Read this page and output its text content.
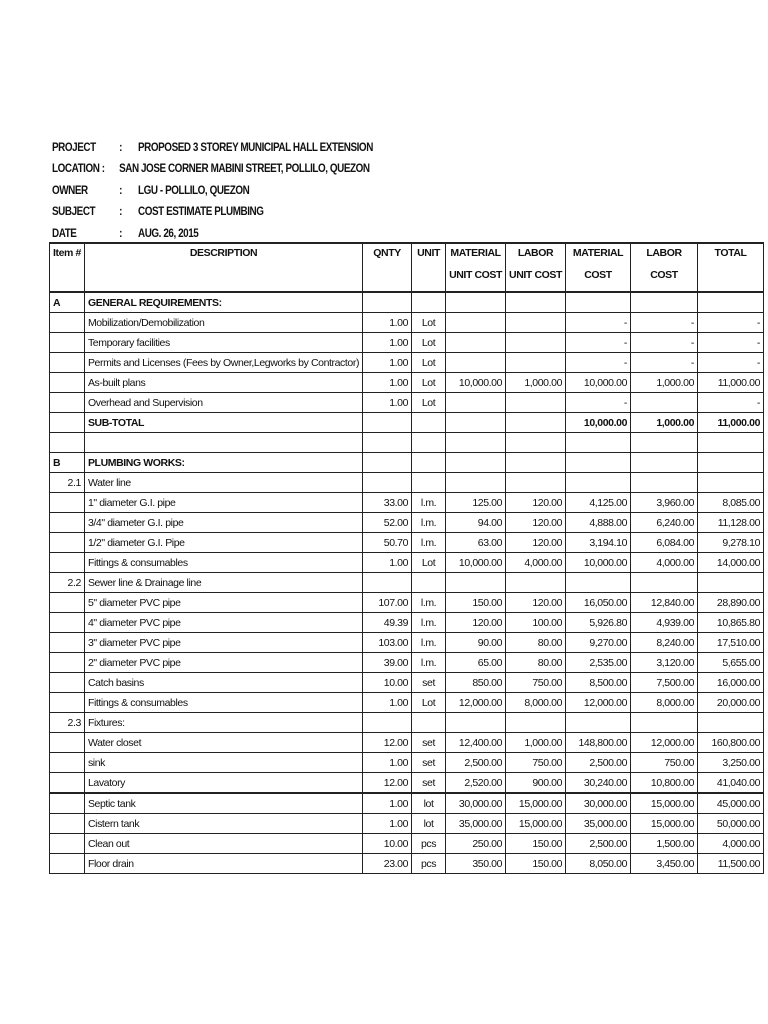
PROJECT : PROPOSED 3 STOREY MUNICIPAL HALL EXTENSION
LOCATION : SAN JOSE CORNER MABINI STREET, POLLILO, QUEZON
OWNER	: LGU - POLLILO, QUEZON
SUBJECT : COST ESTIMATE PLUMBING
DATE	: AUG. 26, 2015
Item #	DESCRIPTION	QNTY	UNIT	MATERIAL	LABOR	MATERIAL	LABOR	TOTAL
				UNIT COST	UNIT COST	COST	COST	
A	GENERAL REQUIREMENTS:							
	Mobilization/Demobilization	1.00	Lot			-	-	-
	Temporary facilities	1.00	Lot			-	-	-
	Permits and Licenses (Fees by Owner,Legworks by Contractor)	1.00	Lot			-	-	-
	As-built plans	1.00	Lot	10,000.00	1,000.00	10,000.00	1,000.00	11,000.00
	Overhead and Supervision	1.00	Lot			-		-
	SUB-TOTAL					10,000.00	1,000.00	11,000.00

B	PLUMBING WORKS:							
2.1	Water line							
	1" diameter G.I. pipe	33.00	l.m.	125.00	120.00	4,125.00	3,960.00	8,085.00
	3/4" diameter G.I. pipe	52.00	l.m.	94.00	120.00	4,888.00	6,240.00	11,128.00
	1/2" diameter G.I. Pipe	50.70	l.m.	63.00	120.00	3,194.10	6,084.00	9,278.10
	Fittings & consumables	1.00	Lot	10,000.00	4,000.00	10,000.00	4,000.00	14,000.00
2.2	Sewer line & Drainage line							
	5" diameter PVC pipe	107.00	l.m.	150.00	120.00	16,050.00	12,840.00	28,890.00
	4" diameter PVC pipe	49.39	l.m.	120.00	100.00	5,926.80	4,939.00	10,865.80
	3" diameter PVC pipe	103.00	l.m.	90.00	80.00	9,270.00	8,240.00	17,510.00
	2" diameter PVC pipe	39.00	l.m.	65.00	80.00	2,535.00	3,120.00	5,655.00
	Catch basins	10.00	set	850.00	750.00	8,500.00	7,500.00	16,000.00
	Fittings & consumables	1.00	Lot	12,000.00	8,000.00	12,000.00	8,000.00	20,000.00
2.3	Fixtures:							
	Water closet	12.00	set	12,400.00	1,000.00	148,800.00	12,000.00	160,800.00
	sink	1.00	set	2,500.00	750.00	2,500.00	750.00	3,250.00
	Lavatory	12.00	set	2,520.00	900.00	30,240.00	10,800.00	41,040.00
	Septic tank	1.00	lot	30,000.00	15,000.00	30,000.00	15,000.00	45,000.00
	Cistern tank	1.00	lot	35,000.00	15,000.00	35,000.00	15,000.00	50,000.00
	Clean out	10.00	pcs	250.00	150.00	2,500.00	1,500.00	4,000.00
	Floor drain	23.00	pcs	350.00	150.00	8,050.00	3,450.00	11,500.00
